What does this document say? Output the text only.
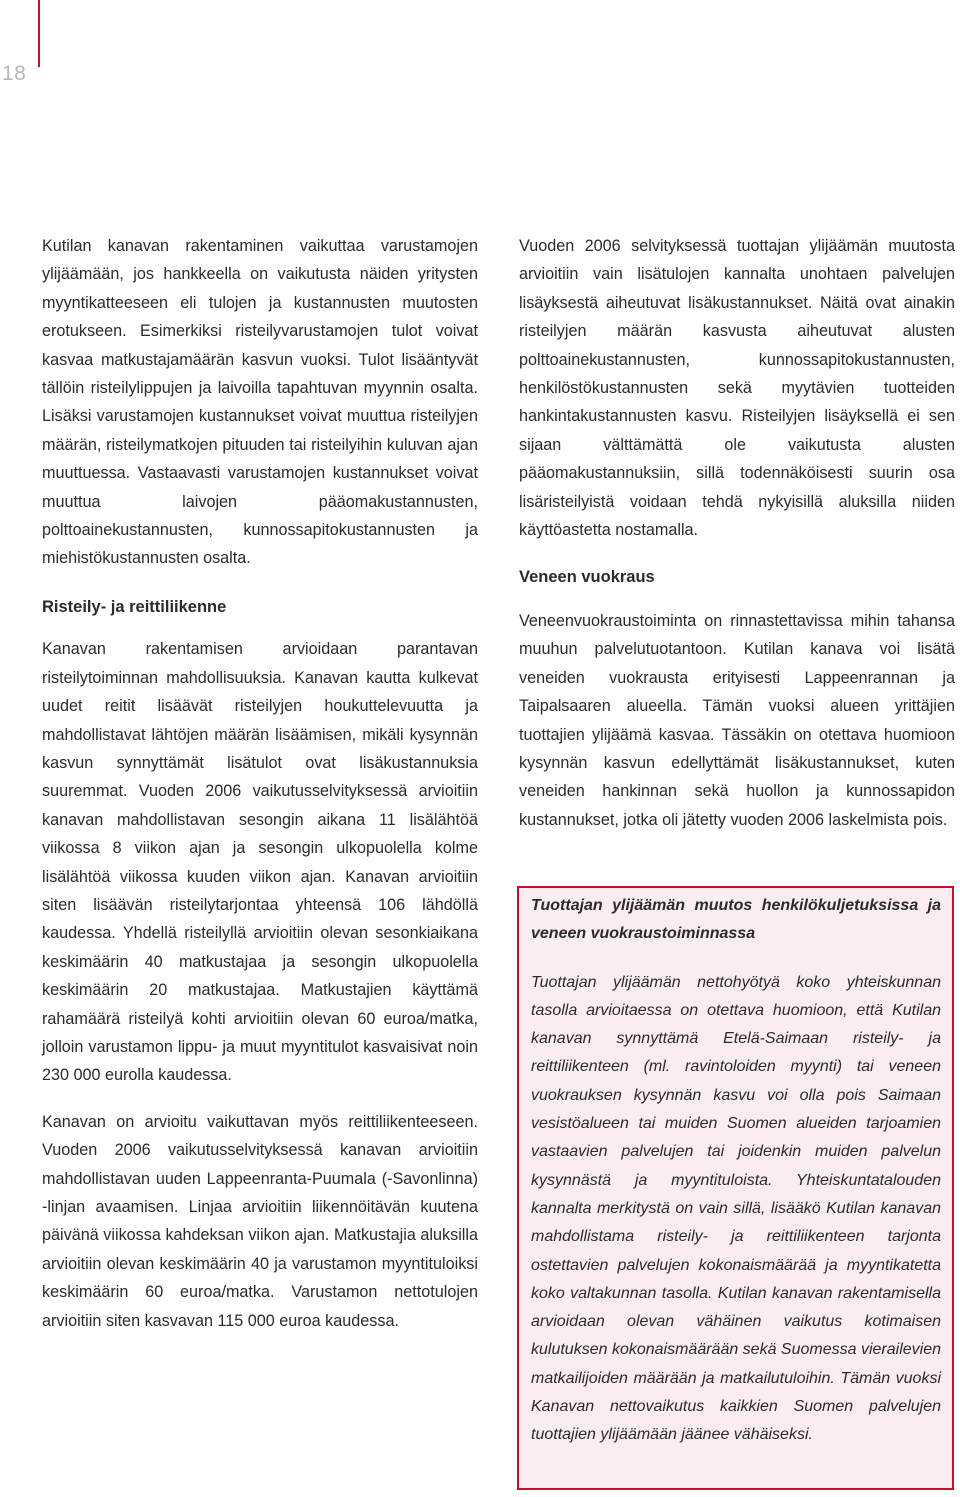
18

Kutilan kanavan rakentaminen vaikuttaa varustamojen ylijäämään, jos hankkeella on vaikutusta näiden yritysten myyntikatteeseen eli tulojen ja kustannusten muutosten erotukseen. Esimerkiksi risteilyvarustamojen tulot voivat kasvaa matkustajamäärän kasvun vuoksi. Tulot lisääntyvät tällöin risteilylippujen ja laivoilla tapahtuvan myynnin osalta. Lisäksi varustamojen kustannukset voivat muuttua risteilyjen määrän, risteilymatkojen pituuden tai risteilyihin kuluvan ajan muuttuessa. Vastaavasti varustamojen kustannukset voivat muuttua laivojen pääomakustannusten, polttoainekustannusten, kunnossapitokustannusten ja miehistökustannusten osalta.

Risteily- ja reittiliikenne

Kanavan rakentamisen arvioidaan parantavan risteilytoiminnan mahdollisuuksia. Kanavan kautta kulkevat uudet reitit lisäävät risteilyjen houkuttelevuutta ja mahdollistavat lähtöjen määrän lisäämisen, mikäli kysynnän kasvun synnyttämät lisätulot ovat lisäkustannuksia suuremmat. Vuoden 2006 vaikutusselvityksessä arvioitiin kanavan mahdollistavan sesongin aikana 11 lisälähtöä viikossa 8 viikon ajan ja sesongin ulkopuolella kolme lisälähtöä viikossa kuuden viikon ajan. Kanavan arvioitiin siten lisäävän risteilytarjontaa yhteensä 106 lähdöllä kaudessa. Yhdellä risteilyllä arvioitiin olevan sesonkiaikana keskimäärin 40 matkustajaa ja sesongin ulkopuolella keskimäärin 20 matkustajaa. Matkustajien käyttämä rahamäärä risteilyä kohti arvioitiin olevan 60 euroa/matka, jolloin varustamon lippu- ja muut myyntitulot kasvaisivat noin 230 000 eurolla kaudessa.

Kanavan on arvioitu vaikuttavan myös reittiliikenteeseen. Vuoden 2006 vaikutusselvityksessä kanavan arvioitiin mahdollistavan uuden Lappeenranta-Puumala (-Savonlinna) -linjan avaamisen. Linjaa arvioitiin liikennöitävän kuutena päivänä viikossa kahdeksan viikon ajan. Matkustajia aluksilla arvioitiin olevan keskimäärin 40 ja varustamon myyntituloiksi keskimäärin 60 euroa/matka. Varustamon nettotulojen arvioitiin siten kasvavan 115 000 euroa kaudessa.

Vuoden 2006 selvityksessä tuottajan ylijäämän muutosta arvioitiin vain lisätulojen kannalta unohtaen palvelujen lisäyksestä aiheutuvat lisäkustannukset. Näitä ovat ainakin risteilyjen määrän kasvusta aiheutuvat alusten polttoainekustannusten, kunnossapitokustannusten, henkilöstökustannusten sekä myytävien tuotteiden hankintakustannusten kasvu. Risteilyjen lisäyksellä ei sen sijaan välttämättä ole vaikutusta alusten pääomakustannuksiin, sillä todennäköisesti suurin osa lisäristeilyistä voidaan tehdä nykyisillä aluksilla niiden käyttöastetta nostamalla.

Veneen vuokraus

Veneenvuokraustoiminta on rinnastettavissa mihin tahansa muuhun palvelutuotantoon. Kutilan kanava voi lisätä veneiden vuokrausta erityisesti Lappeenrannan ja Taipalsaaren alueella. Tämän vuoksi alueen yrittäjien tuottajien ylijäämä kasvaa. Tässäkin on otettava huomioon kysynnän kasvun edellyttämät lisäkustannukset, kuten veneiden hankinnan sekä huollon ja kunnossapidon kustannukset, jotka oli jätetty vuoden 2006 laskelmista pois.

Tuottajan ylijäämän muutos henkilökuljetuksissa ja veneen vuokraustoiminnassa

Tuottajan ylijäämän nettohyötyä koko yhteiskunnan tasolla arvioitaessa on otettava huomioon, että Kutilan kanavan synnyttämä Etelä-Saimaan risteily- ja reittiliikenteen (ml. ravintoloiden myynti) tai veneen vuokrauksen kysynnän kasvu voi olla pois Saimaan vesistöalueen tai muiden Suomen alueiden tarjoamien vastaavien palvelujen tai joidenkin muiden palvelun kysynnästä ja myyntituloista. Yhteiskuntatalouden kannalta merkitystä on vain sillä, lisääkö Kutilan kanavan mahdollistama risteily- ja reittiliikenteen tarjonta ostettavien palvelujen kokonaismäärää ja myyntikatetta koko valtakunnan tasolla. Kutilan kanavan rakentamisella arvioidaan olevan vähäinen vaikutus kotimaisen kulutuksen kokonaismäärään sekä Suomessa vierailevien matkailijoiden määrään ja matkailutuloihin. Tämän vuoksi Kanavan nettovaikutus kaikkien Suomen palvelujen tuottajien ylijäämään jäänee vähäiseksi.
